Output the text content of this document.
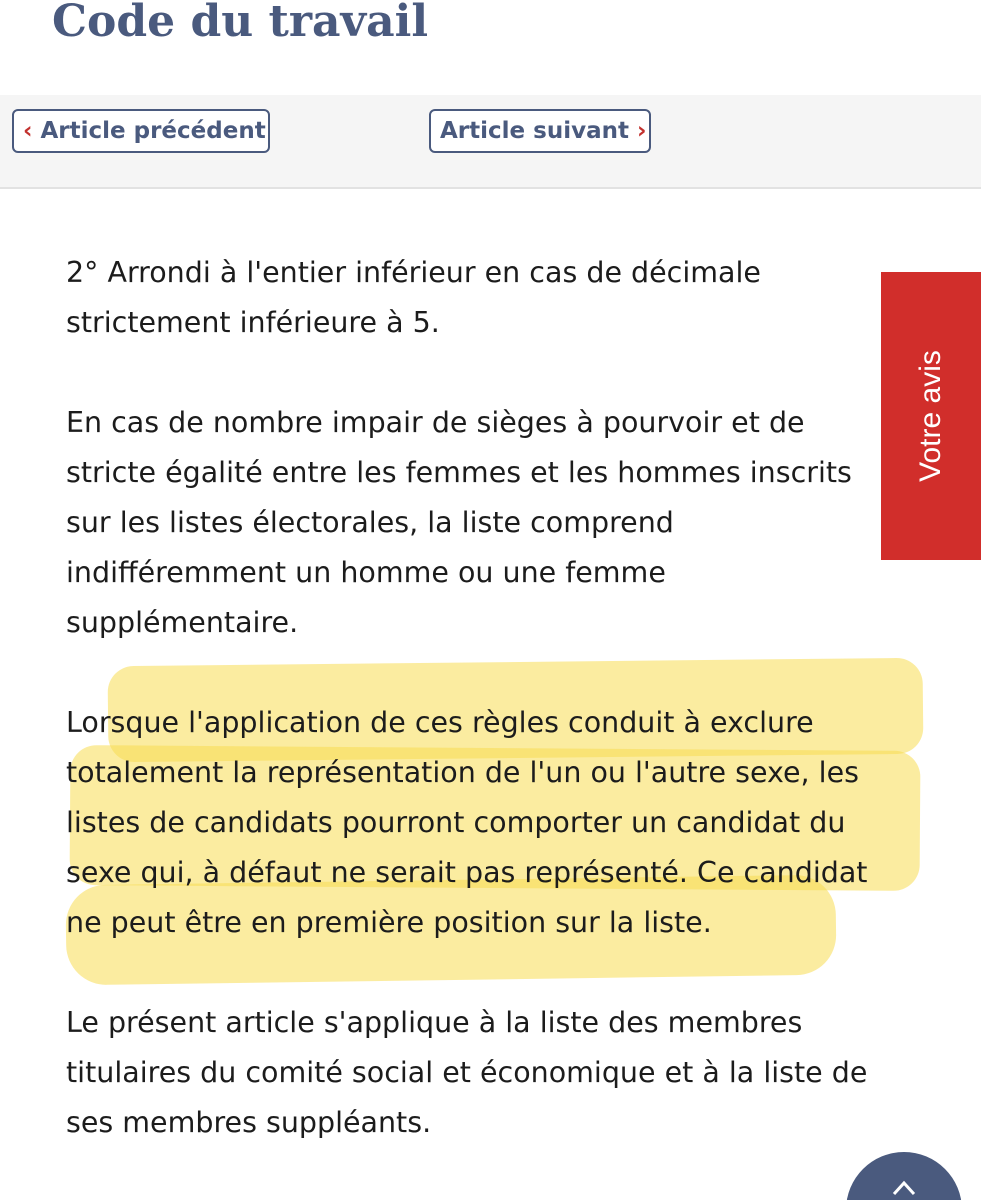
Code du travail
‹ Article précédent	Article suivant ›

2° Arrondi à l'entier inférieur en cas de décimale
strictement inférieure à 5.

En cas de nombre impair de sièges à pourvoir et de
stricte égalité entre les femmes et les hommes inscrits
sur les listes électorales, la liste comprend
indifféremment un homme ou une femme
supplémentaire.

Lorsque l'application de ces règles conduit à exclure
totalement la représentation de l'un ou l'autre sexe, les
listes de candidats pourront comporter un candidat du
sexe qui, à défaut ne serait pas représenté. Ce candidat
ne peut être en première position sur la liste.

Le présent article s'applique à la liste des membres
titulaires du comité social et économique et à la liste de
ses membres suppléants.

Votre avis
